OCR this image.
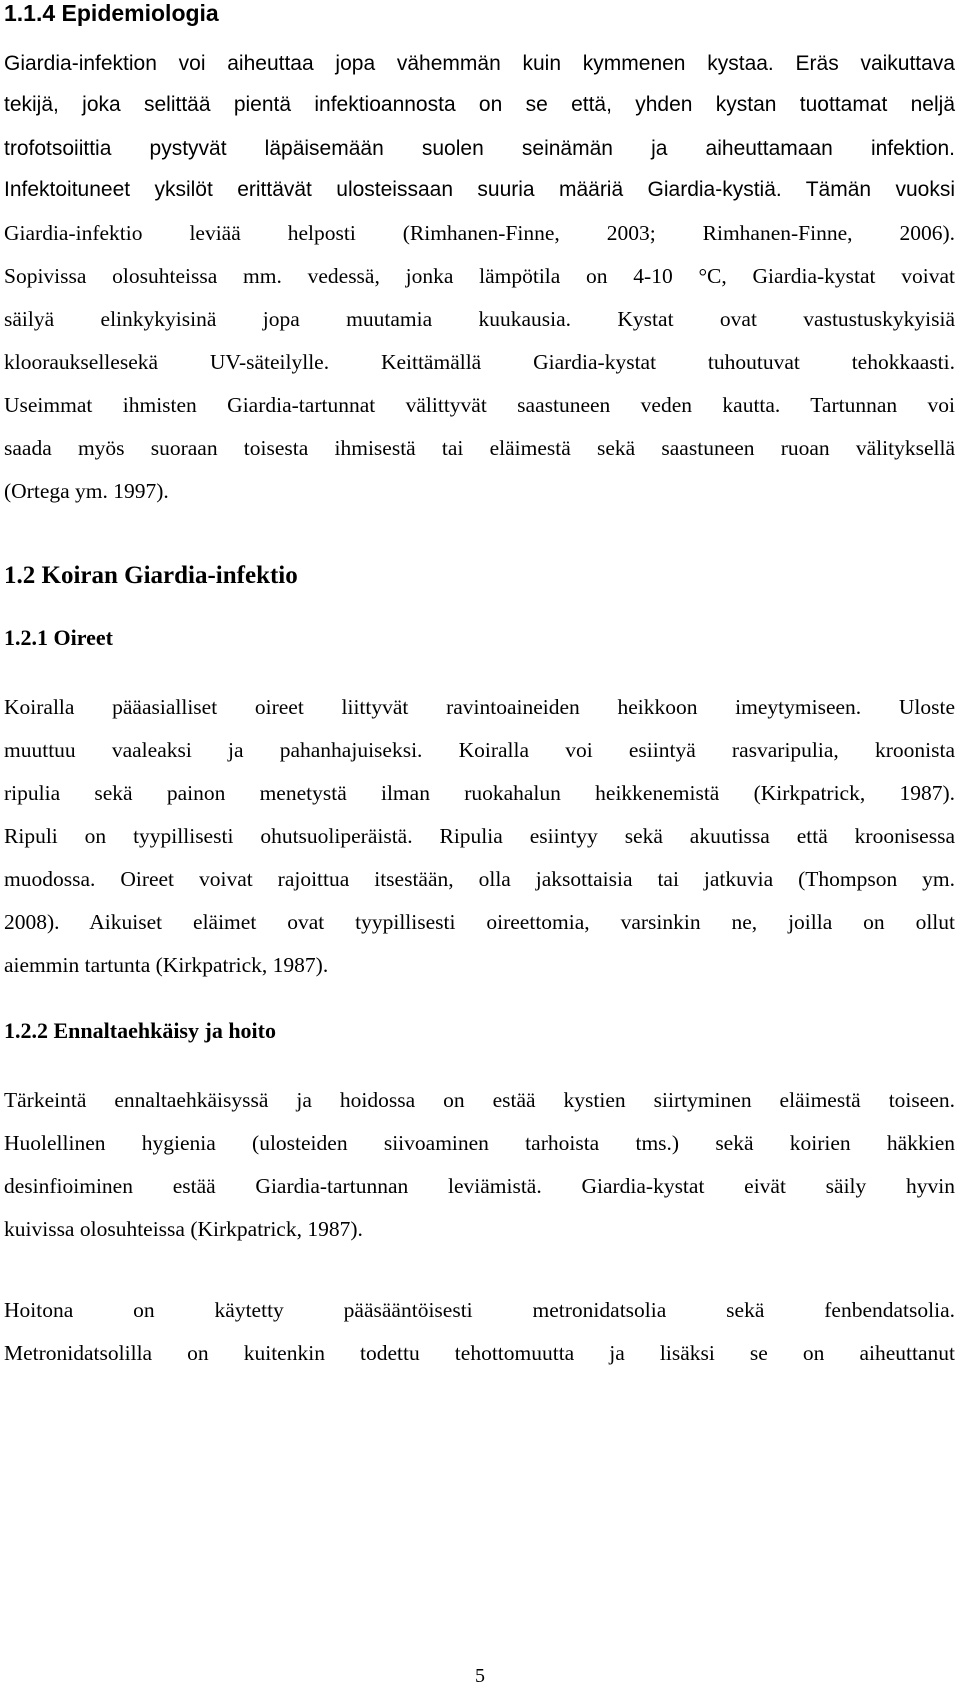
1.1.4 Epidemiologia
Giardia-infektion voi aiheuttaa jopa vähemmän kuin kymmenen kystaa. Eräs vaikuttava
tekijä, joka selittää pientä infektioannosta on se että, yhden kystan tuottamat neljä
trofotsoiittia pystyvät läpäisemään suolen seinämän ja aiheuttamaan infektion.
Infektoituneet yksilöt erittävät ulosteissaan suuria määriä Giardia-kystiä. Tämän vuoksi
Giardia-infektio leviää helposti (Rimhanen-Finne, 2003; Rimhanen-Finne, 2006).
Sopivissa olosuhteissa mm. vedessä, jonka lämpötila on 4-10 °C, Giardia-kystat voivat
säilyä elinkykyisinä jopa muutamia kuukausia. Kystat ovat vastustuskykyisiä
kloorauksellesekä UV-säteilylle. Keittämällä Giardia-kystat tuhoutuvat tehokkaasti.
Useimmat ihmisten Giardia-tartunnat välittyvät saastuneen veden kautta. Tartunnan voi
saada myös suoraan toisesta ihmisestä tai eläimestä sekä saastuneen ruoan välityksellä
(Ortega ym. 1997).
1.2 Koiran Giardia-infektio
1.2.1 Oireet
Koiralla pääasialliset oireet liittyvät ravintoaineiden heikkoon imeytymiseen. Uloste
muuttuu vaaleaksi ja pahanhajuiseksi. Koiralla voi esiintyä rasvaripulia, kroonista
ripulia sekä painon menetystä ilman ruokahalun heikkenemistä (Kirkpatrick, 1987).
Ripuli on tyypillisesti ohutsuoliperäistä. Ripulia esiintyy sekä akuutissa että kroonisessa
muodossa. Oireet voivat rajoittua itsestään, olla jaksottaisia tai jatkuvia (Thompson ym.
2008). Aikuiset eläimet ovat tyypillisesti oireettomia, varsinkin ne, joilla on ollut
aiemmin tartunta (Kirkpatrick, 1987).
1.2.2 Ennaltaehkäisy ja hoito
Tärkeintä ennaltaehkäisyssä ja hoidossa on estää kystien siirtyminen eläimestä toiseen.
Huolellinen hygienia (ulosteiden siivoaminen tarhoista tms.) sekä koirien häkkien
desinfioiminen estää Giardia-tartunnan leviämistä. Giardia-kystat eivät säily hyvin
kuivissa olosuhteissa (Kirkpatrick, 1987).
Hoitona on käytetty pääsääntöisesti metronidatsolia sekä fenbendatsolia.
Metronidatsolilla on kuitenkin todettu tehottomuutta ja lisäksi se on aiheuttanut
5
